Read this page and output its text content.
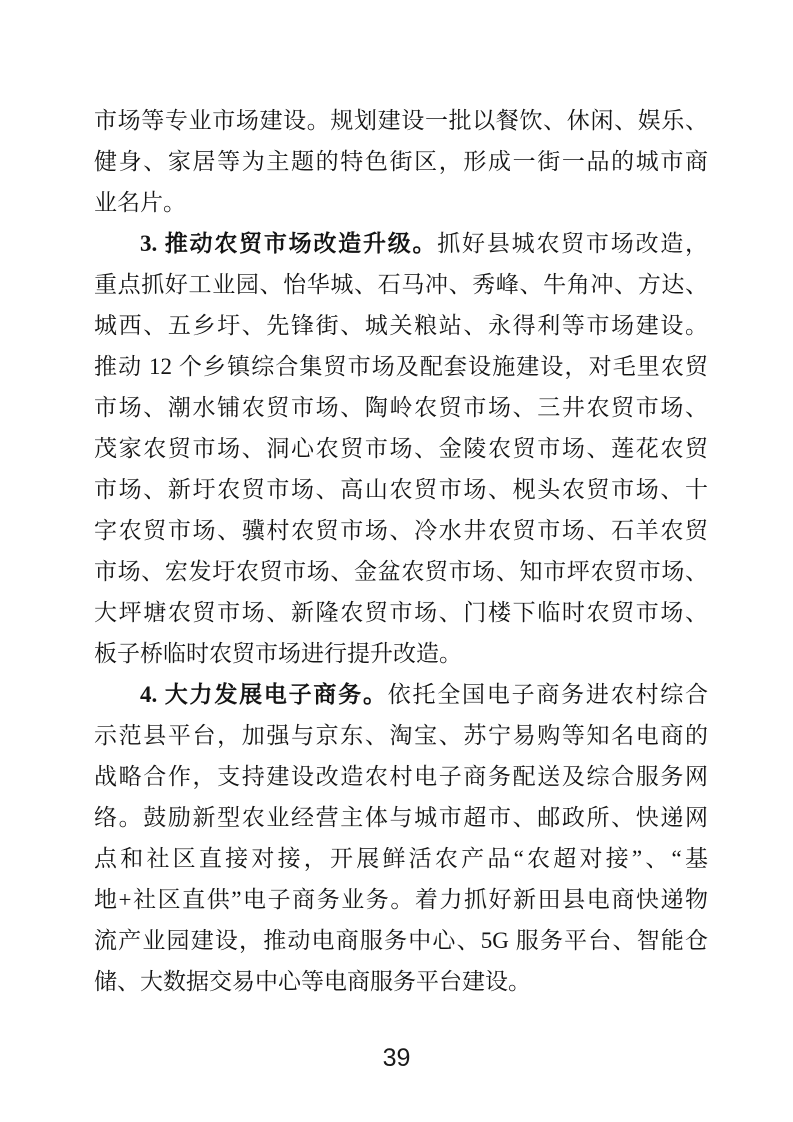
市场等专业市场建设。规划建设一批以餐饮、休闲、娱乐、
健身、家居等为主题的特色街区，形成一街一品的城市商
业名片。
3. 推动农贸市场改造升级。抓好县城农贸市场改造，
重点抓好工业园、怡华城、石马冲、秀峰、牛角冲、方达、
城西、五乡圩、先锋街、城关粮站、永得利等市场建设。
推动 12 个乡镇综合集贸市场及配套设施建设，对毛里农贸
市场、潮水铺农贸市场、陶岭农贸市场、三井农贸市场、
茂家农贸市场、洞心农贸市场、金陵农贸市场、莲花农贸
市场、新圩农贸市场、高山农贸市场、枧头农贸市场、十
字农贸市场、骥村农贸市场、冷水井农贸市场、石羊农贸
市场、宏发圩农贸市场、金盆农贸市场、知市坪农贸市场、
大坪塘农贸市场、新隆农贸市场、门楼下临时农贸市场、
板子桥临时农贸市场进行提升改造。
4. 大力发展电子商务。依托全国电子商务进农村综合
示范县平台，加强与京东、淘宝、苏宁易购等知名电商的
战略合作，支持建设改造农村电子商务配送及综合服务网
络。鼓励新型农业经营主体与城市超市、邮政所、快递网
点和社区直接对接，开展鲜活农产品“农超对接”、“基
地+社区直供”电子商务业务。着力抓好新田县电商快递物
流产业园建设，推动电商服务中心、5G 服务平台、智能仓
储、大数据交易中心等电商服务平台建设。
39
